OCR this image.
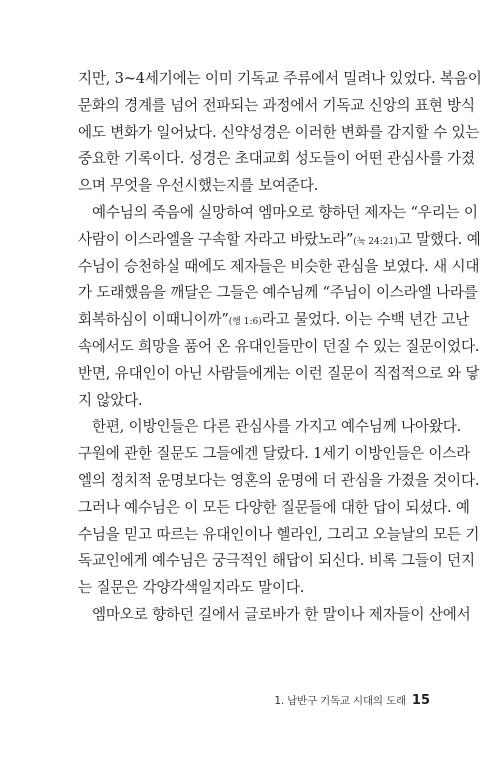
지만, 3~4세기에는 이미 기독교 주류에서 밀려나 있었다. 복음이
문화의 경계를 넘어 전파되는 과정에서 기독교 신앙의 표현 방식
에도 변화가 일어났다. 신약성경은 이러한 변화를 감지할 수 있는
중요한 기록이다. 성경은 초대교회 성도들이 어떤 관심사를 가졌
으며 무엇을 우선시했는지를 보여준다.
예수님의 죽음에 실망하여 엠마오로 향하던 제자는 “우리는 이
사람이 이스라엘을 구속할 자라고 바랐노라”(눅 24:21)고 말했다. 예
수님이 승천하실 때에도 제자들은 비슷한 관심을 보였다. 새 시대
가 도래했음을 깨달은 그들은 예수님께 “주님이 이스라엘 나라를
회복하심이 이때니이까”(행 1:6)라고 물었다. 이는 수백 년간 고난
속에서도 희망을 품어 온 유대인들만이 던질 수 있는 질문이었다.
반면, 유대인이 아닌 사람들에게는 이런 질문이 직접적으로 와 닿
지 않았다.
한편, 이방인들은 다른 관심사를 가지고 예수님께 나아왔다.
구원에 관한 질문도 그들에겐 달랐다. 1세기 이방인들은 이스라
엘의 정치적 운명보다는 영혼의 운명에 더 관심을 가졌을 것이다.
그러나 예수님은 이 모든 다양한 질문들에 대한 답이 되셨다. 예
수님을 믿고 따르는 유대인이나 헬라인, 그리고 오늘날의 모든 기
독교인에게 예수님은 궁극적인 해답이 되신다. 비록 그들이 던지
는 질문은 각양각색일지라도 말이다.
엠마오로 향하던 길에서 글로바가 한 말이나 제자들이 산에서
1. 남반구 기독교 시대의 도래 15
